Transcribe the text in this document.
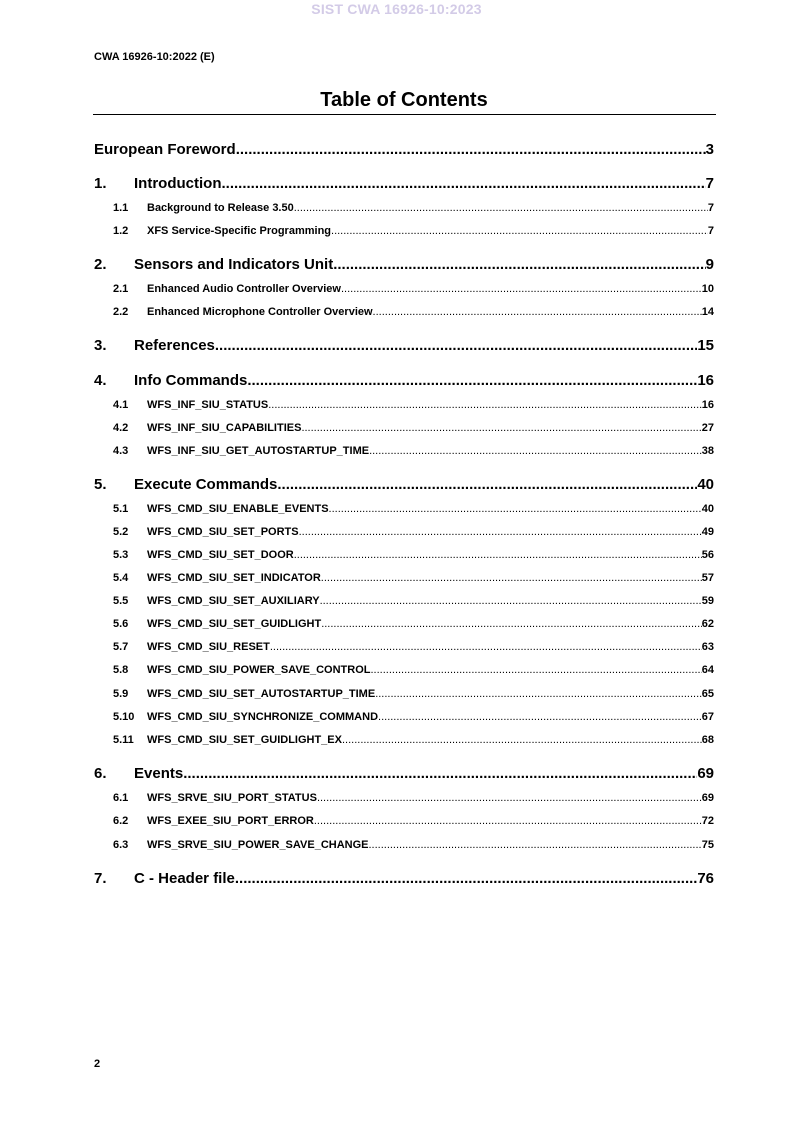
SIST CWA 16926-10:2023
CWA 16926-10:2022 (E)
Table of Contents
European Foreword .....	3
1.	Introduction .....	7
1.1	Background to Release 3.50 .....	7
1.2	XFS Service-Specific Programming .....	7
2.	Sensors and Indicators Unit .....	9
2.1	Enhanced Audio Controller Overview .....	10
2.2	Enhanced Microphone Controller Overview .....	14
3.	References .....	15
4.	Info Commands .....	16
4.1	WFS_INF_SIU_STATUS .....	16
4.2	WFS_INF_SIU_CAPABILITIES .....	27
4.3	WFS_INF_SIU_GET_AUTOSTARTUP_TIME .....	38
5.	Execute Commands .....	40
5.1	WFS_CMD_SIU_ENABLE_EVENTS .....	40
5.2	WFS_CMD_SIU_SET_PORTS .....	49
5.3	WFS_CMD_SIU_SET_DOOR .....	56
5.4	WFS_CMD_SIU_SET_INDICATOR .....	57
5.5	WFS_CMD_SIU_SET_AUXILIARY .....	59
5.6	WFS_CMD_SIU_SET_GUIDLIGHT .....	62
5.7	WFS_CMD_SIU_RESET .....	63
5.8	WFS_CMD_SIU_POWER_SAVE_CONTROL .....	64
5.9	WFS_CMD_SIU_SET_AUTOSTARTUP_TIME .....	65
5.10	WFS_CMD_SIU_SYNCHRONIZE_COMMAND .....	67
5.11	WFS_CMD_SIU_SET_GUIDLIGHT_EX .....	68
6.	Events .....	69
6.1	WFS_SRVE_SIU_PORT_STATUS .....	69
6.2	WFS_EXEE_SIU_PORT_ERROR .....	72
6.3	WFS_SRVE_SIU_POWER_SAVE_CHANGE .....	75
7.	C - Header file .....	76
2
